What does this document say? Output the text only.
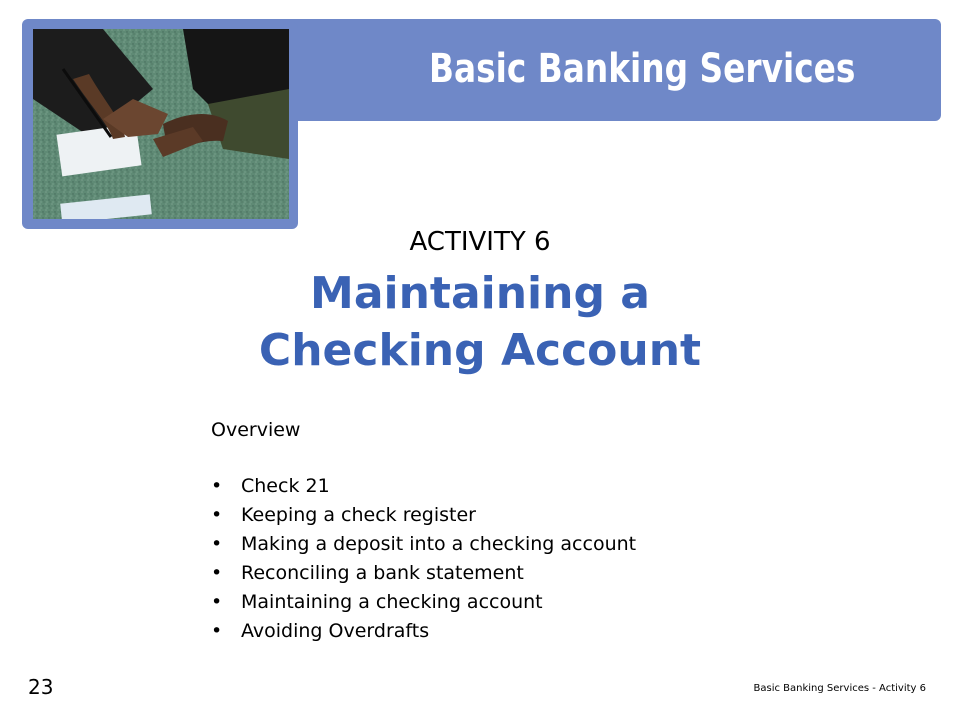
Basic Banking Services
ACTIVITY 6
Maintaining a
Checking Account
Overview
• Check 21
• Keeping a check register
• Making a deposit into a checking account
• Reconciling a bank statement
• Maintaining a checking account
• Avoiding Overdrafts
23	Basic Banking Services - Activity 6
